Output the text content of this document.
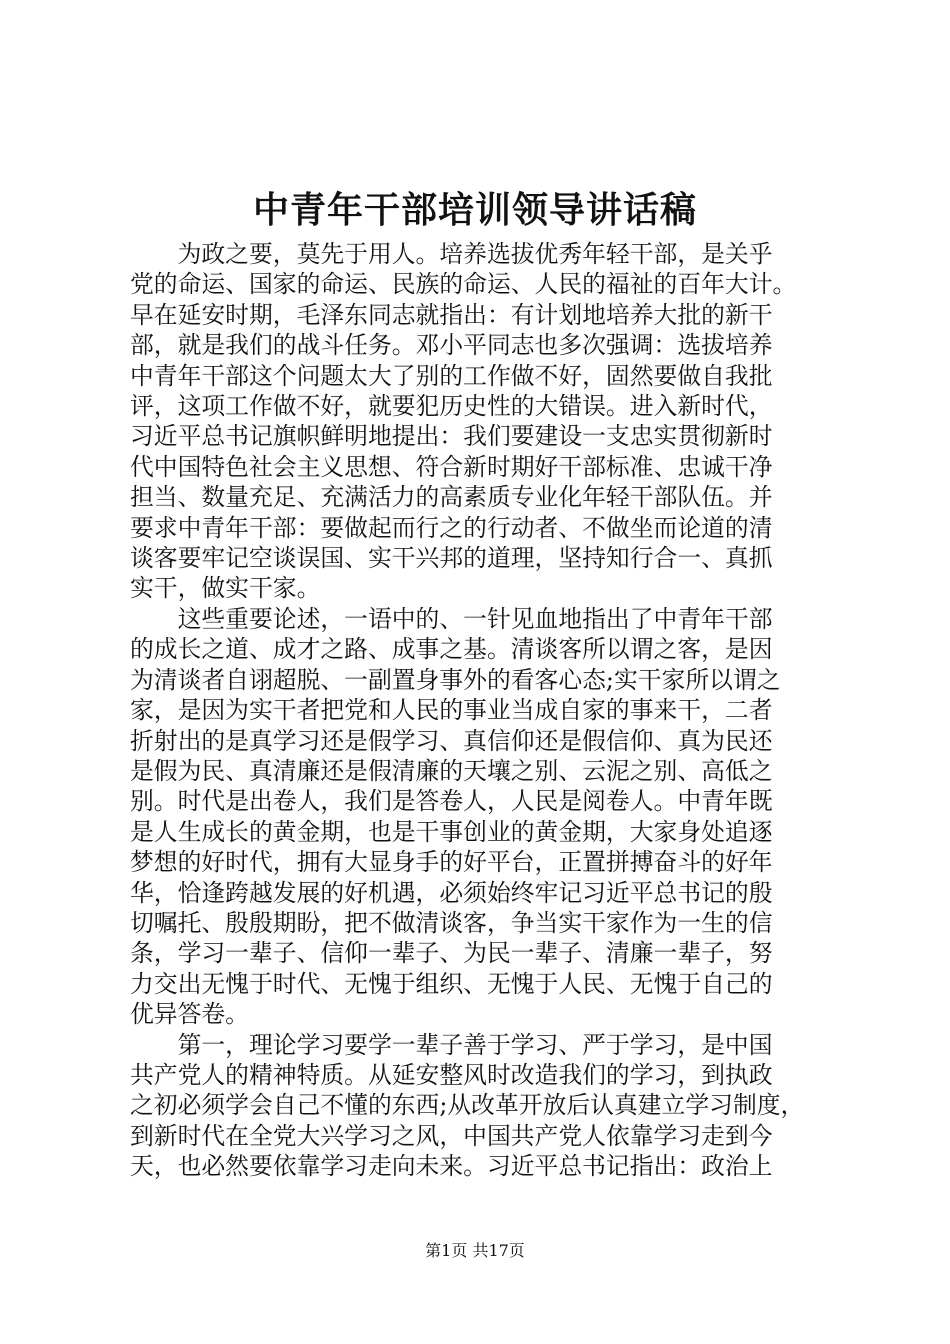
中青年干部培训领导讲话稿
　　为政之要，莫先于用人。培养选拔优秀年轻干部，是关乎
党的命运、国家的命运、民族的命运、人民的福祉的百年大计。
早在延安时期，毛泽东同志就指出：有计划地培养大批的新干
部，就是我们的战斗任务。邓小平同志也多次强调：选拔培养
中青年干部这个问题太大了别的工作做不好，固然要做自我批
评，这项工作做不好，就要犯历史性的大错误。进入新时代，
习近平总书记旗帜鲜明地提出：我们要建设一支忠实贯彻新时
代中国特色社会主义思想、符合新时期好干部标准、忠诚干净
担当、数量充足、充满活力的高素质专业化年轻干部队伍。并
要求中青年干部：要做起而行之的行动者、不做坐而论道的清
谈客要牢记空谈误国、实干兴邦的道理，坚持知行合一、真抓
实干，做实干家。
　　这些重要论述，一语中的、一针见血地指出了中青年干部
的成长之道、成才之路、成事之基。清谈客所以谓之客，是因
为清谈者自诩超脱、一副置身事外的看客心态;实干家所以谓之
家，是因为实干者把党和人民的事业当成自家的事来干，二者
折射出的是真学习还是假学习、真信仰还是假信仰、真为民还
是假为民、真清廉还是假清廉的天壤之别、云泥之别、高低之
别。时代是出卷人，我们是答卷人，人民是阅卷人。中青年既
是人生成长的黄金期，也是干事创业的黄金期，大家身处追逐
梦想的好时代，拥有大显身手的好平台，正置拼搏奋斗的好年
华，恰逢跨越发展的好机遇，必须始终牢记习近平总书记的殷
切嘱托、殷殷期盼，把不做清谈客，争当实干家作为一生的信
条，学习一辈子、信仰一辈子、为民一辈子、清廉一辈子，努
力交出无愧于时代、无愧于组织、无愧于人民、无愧于自己的
优异答卷。
　　第一，理论学习要学一辈子善于学习、严于学习，是中国
共产党人的精神特质。从延安整风时改造我们的学习，到执政
之初必须学会自己不懂的东西;从改革开放后认真建立学习制度，
到新时代在全党大兴学习之风，中国共产党人依靠学习走到今
天，也必然要依靠学习走向未来。习近平总书记指出：政治上
第1页 共17页
